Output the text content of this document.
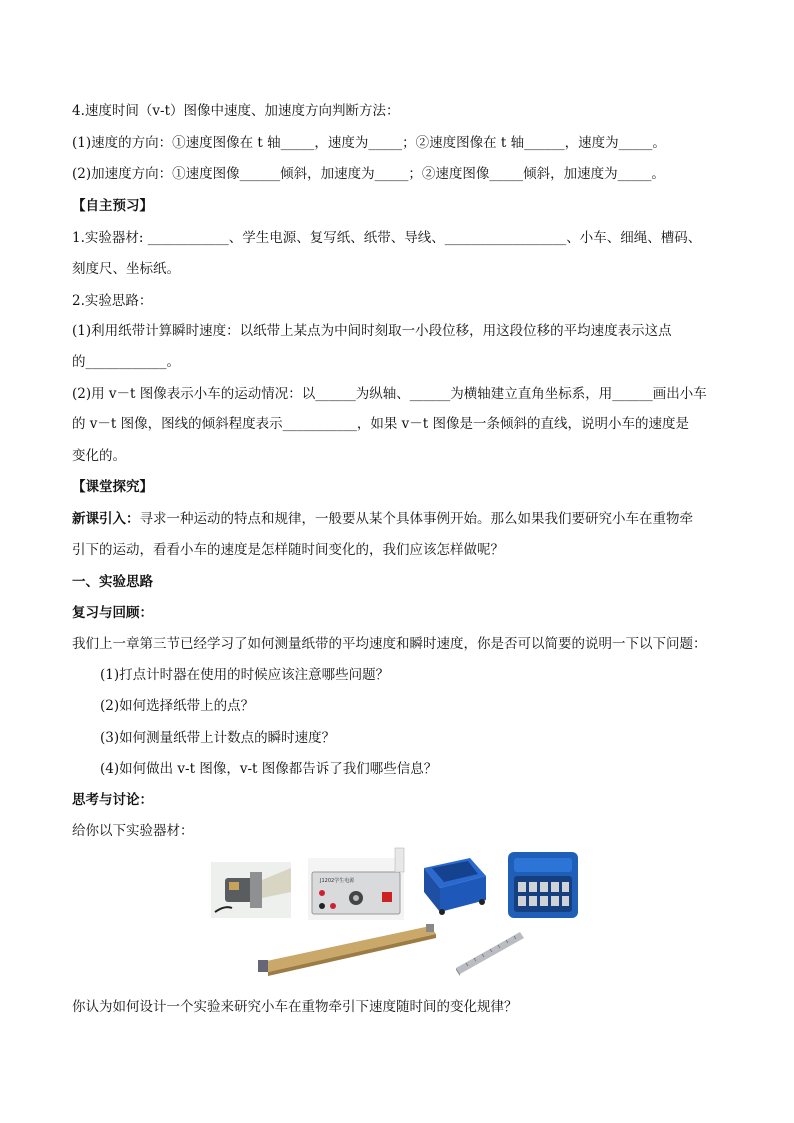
4.速度时间（v-t）图像中速度、加速度方向判断方法：
(1)速度的方向：①速度图像在 t 轴_____，速度为_____；②速度图像在 t 轴______，速度为_____。
(2)加速度方向：①速度图像______倾斜，加速度为_____；②速度图像_____倾斜，加速度为_____。
【自主预习】
1.实验器材: ____________、学生电源、复写纸、纸带、导线、__________________、小车、细绳、槽码、
刻度尺、坐标纸。
2.实验思路：
(1)利用纸带计算瞬时速度：以纸带上某点为中间时刻取一小段位移，用这段位移的平均速度表示这点
的____________。
(2)用 v－t 图像表示小车的运动情况：以______为纵轴、______为横轴建立直角坐标系，用______画出小车
的 v－t 图像，图线的倾斜程度表示___________，如果 v－t 图像是一条倾斜的直线，说明小车的速度是
变化的。
【课堂探究】
新课引入：寻求一种运动的特点和规律，一般要从某个具体事例开始。那么如果我们要研究小车在重物牵
引下的运动，看看小车的速度是怎样随时间变化的，我们应该怎样做呢？
一、实验思路
复习与回顾：
我们上一章第三节已经学习了如何测量纸带的平均速度和瞬时速度，你是否可以简要的说明一下以下问题：
(1)打点计时器在使用的时候应该注意哪些问题？
(2)如何选择纸带上的点？
(3)如何测量纸带上计数点的瞬时速度？
(4)如何做出 v-t 图像，v-t 图像都告诉了我们哪些信息？
思考与讨论：
给你以下实验器材：
J1202学生电源
你认为如何设计一个实验来研究小车在重物牵引下速度随时间的变化规律？
